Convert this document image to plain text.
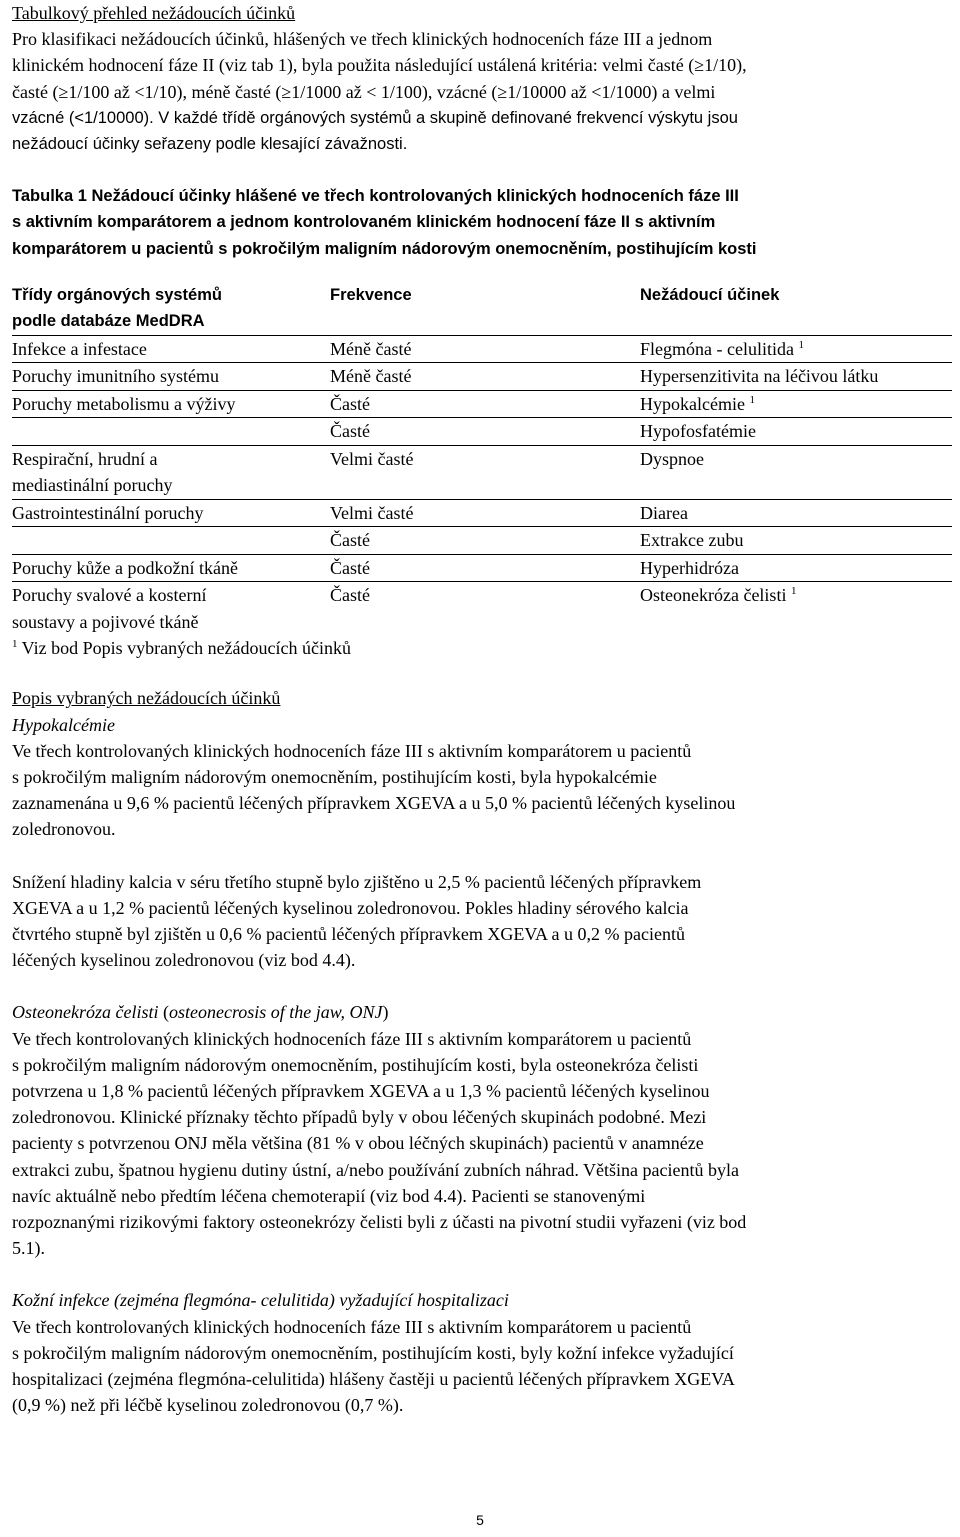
Tabulkový přehled nežádoucích účinků
Pro klasifikaci nežádoucích účinků, hlášených ve třech klinických hodnoceních fáze III a jednom
klinickém hodnocení fáze II (viz tab 1), byla použita následující ustálená kritéria: velmi časté (≥1/10),
časté (≥1/100 až <1/10), méně časté (≥1/1000 až < 1/100), vzácné (≥1/10000 až <1/1000) a velmi
vzácné (<1/10000). V každé třídě orgánových systémů a skupině definované frekvencí výskytu jsou
nežádoucí účinky seřazeny podle klesající závažnosti.
Tabulka 1 Nežádoucí účinky hlášené ve třech kontrolovaných klinických hodnoceních fáze III
s aktivním komparátorem a jednom kontrolovaném klinickém hodnocení fáze II s aktivním
komparátorem u pacientů s pokročilým maligním nádorovým onemocněním, postihujícím kosti
Třídy orgánových systémů
podle databáze MedDRA	Frekvence	Nežádoucí účinek

Infekce a infestace	Méně časté	Flegmóna - celulitida $^1$

Poruchy imunitního systému	Méně časté	Hypersenzitivita na léčivou látku

Poruchy metabolismu a výživy	Časté	Hypokalcémie $^1$
	Časté	Hypofosfatémie

Respirační, hrudní a
mediastinální poruchy	Velmi časté	Dyspnoe

Gastrointestinální poruchy	Velmi časté	Diarea
	Časté	Extrakce zubu

Poruchy kůže a podkožní tkáně	Časté	Hyperhidróza

Poruchy svalové a kosterní
soustavy a pojivové tkáně	Časté	Osteonekróza čelisti $^1$
$^1$ Viz bod Popis vybraných nežádoucích účinků
Popis vybraných nežádoucích účinků
Hypokalcémie
Ve třech kontrolovaných klinických hodnoceních fáze III s aktivním komparátorem u pacientů
s pokročilým maligním nádorovým onemocněním, postihujícím kosti, byla hypokalcémie
zaznamenána u 9,6 % pacientů léčených přípravkem XGEVA a u 5,0 % pacientů léčených kyselinou
zoledronovou.
Snížení hladiny kalcia v séru třetího stupně bylo zjištěno u 2,5 % pacientů léčených přípravkem
XGEVA a u 1,2 % pacientů léčených kyselinou zoledronovou. Pokles hladiny sérového kalcia
čtvrtého stupně byl zjištěn u 0,6 % pacientů léčených přípravkem XGEVA a u 0,2 % pacientů
léčených kyselinou zoledronovou (viz bod 4.4).
Osteonekróza čelisti (osteonecrosis of the jaw, ONJ)
Ve třech kontrolovaných klinických hodnoceních fáze III s aktivním komparátorem u pacientů
s pokročilým maligním nádorovým onemocněním, postihujícím kosti, byla osteonekróza čelisti
potvrzena u 1,8 % pacientů léčených přípravkem XGEVA a u 1,3 % pacientů léčených kyselinou
zoledronovou. Klinické příznaky těchto případů byly v obou léčených skupinách podobné. Mezi
pacienty s potvrzenou ONJ měla většina (81 % v obou léčných skupinách) pacientů v anamnéze
extrakci zubu, špatnou hygienu dutiny ústní, a/nebo používání zubních náhrad. Většina pacientů byla
navíc aktuálně nebo předtím léčena chemoterapií (viz bod 4.4). Pacienti se stanovenými
rozpoznanými rizikovými faktory osteonekrózy čelisti byli z účasti na pivotní studii vyřazeni (viz bod
5.1).
Kožní infekce (zejména flegmóna- celulitida) vyžadující hospitalizaci
Ve třech kontrolovaných klinických hodnoceních fáze III s aktivním komparátorem u pacientů
s pokročilým maligním nádorovým onemocněním, postihujícím kosti, byly kožní infekce vyžadující
hospitalizaci (zejména flegmóna-celulitida) hlášeny častěji u pacientů léčených přípravkem XGEVA
(0,9 %) než při léčbě kyselinou zoledronovou (0,7 %).
5
